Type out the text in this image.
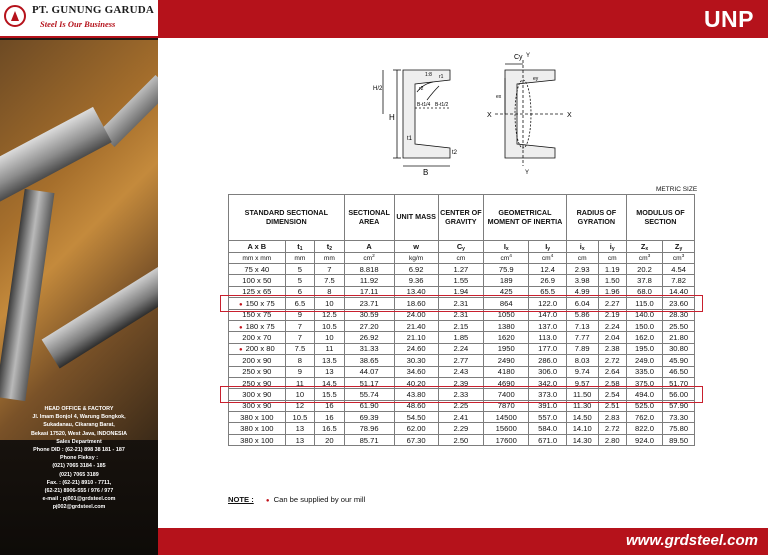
PT. GUNUNG GARUDA
Steel Is Our Business
HEAD OFFICE & FACTORY
Jl. Imam Bonjol 4, Warung Bongkok,
Sukadanau, Cikarang Barat,
Bekasi 17520, West Java, INDONESIA
Sales Department
Phone DID : (62-21) 898 38 181 - 187
Phone Fleksy :
(021) 7065 3184 - 185
(021) 7065 3189
Fax. : (62-21) 8910 - 7711,
(62-21) 8906-555 / 976 / 977
e-mail : pj001@grdsteel.com
pj002@grdsteel.com
UNP
H
H/2
B
t1
t2
B-t1/4 B-t1/2
r2
r1
1:8
Cy Y
Y
X	X
ex
ey
METRIC SIZE
STANDARD SECTIONAL DIMENSION			SECTIONAL AREA	UNIT MASS	CENTER OF GRAVITY	GEOMETRICAL MOMENT OF INERTIA		RADIUS OF GYRATION		MODULUS OF SECTION	
A x B	$t_1$	$t_2$	A	w	$C_y$	$I_x$	$I_y$	$i_x$	$i_y$	$Z_x$	$Z_y$
mm x mm	mm	mm	$cm^2$	kg/m	cm	$cm^4$	$cm^4$	cm	cm	$cm^3$	$cm^3$
75 x 40	5	7	8.818	6.92	1.27	75.9	12.4	2.93	1.19	20.2	4.54
100 x 50	5	7.5	11.92	9.36	1.55	189	26.9	3.98	1.50	37.8	7.82
125 x 65	6	8	17.11	13.40	1.94	425	65.5	4.99	1.96	68.0	14.40
● 150 x 75	6.5	10	23.71	18.60	2.31	864	122.0	6.04	2.27	115.0	23.60
150 x 75	9	12.5	30.59	24.00	2.31	1050	147.0	5.86	2.19	140.0	28.30
● 180 x 75	7	10.5	27.20	21.40	2.15	1380	137.0	7.13	2.24	150.0	25.50
200 x 70	7	10	26.92	21.10	1.85	1620	113.0	7.77	2.04	162.0	21.80
● 200 x 80	7.5	11	31.33	24.60	2.24	1950	177.0	7.89	2.38	195.0	30.80
200 x 90	8	13.5	38.65	30.30	2.77	2490	286.0	8.03	2.72	249.0	45.90
250 x 90	9	13	44.07	34.60	2.43	4180	306.0	9.74	2.64	335.0	46.50
250 x 90	11	14.5	51.17	40.20	2.39	4690	342.0	9.57	2.58	375.0	51.70
300 x 90	10	15.5	55.74	43.80	2.33	7400	373.0	11.50	2.54	494.0	56.00
300 x 90	12	16	61.90	48.60	2.25	7870	391.0	11.30	2.51	525.0	57.90
380 x 100	10.5	16	69.39	54.50	2.41	14500	557.0	14.50	2.83	762.0	73.30
380 x 100	13	16.5	78.96	62.00	2.29	15600	584.0	14.10	2.72	822.0	75.80
380 x 100	13	20	85.71	67.30	2.50	17600	671.0	14.30	2.80	924.0	89.50
NOTE : ● Can be supplied by our mill
www.grdsteel.com
